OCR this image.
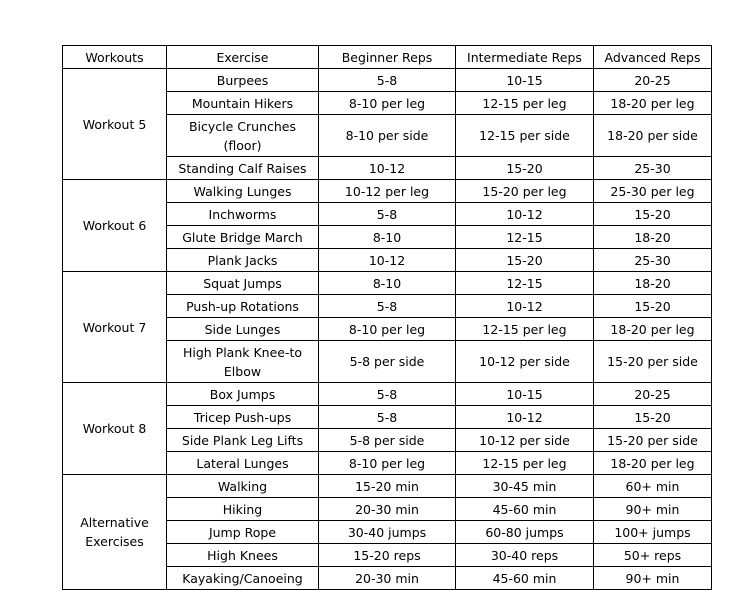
Workouts	Exercise	Beginner Reps	Intermediate Reps	Advanced Reps
Workout 5	Burpees	5-8	10-15	20-25
	Mountain Hikers	8-10 per leg	12-15 per leg	18-20 per leg
	Bicycle Crunches (floor)	8-10 per side	12-15 per side	18-20 per side
	Standing Calf Raises	10-12	15-20	25-30
Workout 6	Walking Lunges	10-12 per leg	15-20 per leg	25-30 per leg
	Inchworms	5-8	10-12	15-20
	Glute Bridge March	8-10	12-15	18-20
	Plank Jacks	10-12	15-20	25-30
Workout 7	Squat Jumps	8-10	12-15	18-20
	Push-up Rotations	5-8	10-12	15-20
	Side Lunges	8-10 per leg	12-15 per leg	18-20 per leg
	High Plank Knee-to Elbow	5-8 per side	10-12 per side	15-20 per side
Workout 8	Box Jumps	5-8	10-15	20-25
	Tricep Push-ups	5-8	10-12	15-20
	Side Plank Leg Lifts	5-8 per side	10-12 per side	15-20 per side
	Lateral Lunges	8-10 per leg	12-15 per leg	18-20 per leg
Alternative Exercises	Walking	15-20 min	30-45 min	60+ min
	Hiking	20-30 min	45-60 min	90+ min
	Jump Rope	30-40 jumps	60-80 jumps	100+ jumps
	High Knees	15-20 reps	30-40 reps	50+ reps
	Kayaking/Canoeing	20-30 min	45-60 min	90+ min
